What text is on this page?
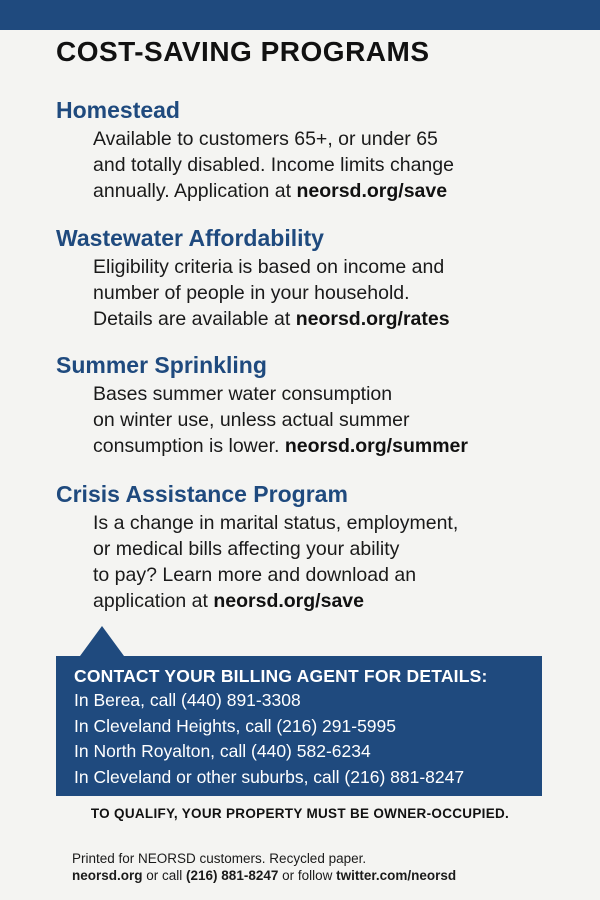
COST-SAVING PROGRAMS
Homestead

Available to customers 65+, or under 65
and totally disabled. Income limits change
annually. Application at neorsd.org/save

Wastewater Affordability

Eligibility criteria is based on income and
number of people in your household.
Details are available at neorsd.org/rates

Summer Sprinkling

Bases summer water consumption
on winter use, unless actual summer
consumption is lower. neorsd.org/summer

Crisis Assistance Program

Is a change in marital status, employment,
or medical bills affecting your ability
to pay? Learn more and download an
application at neorsd.org/save

CONTACT YOUR BILLING AGENT FOR DETAILS:
In Berea, call (440) 891-3308
In Cleveland Heights, call (216) 291-5995
In North Royalton, call (440) 582-6234
In Cleveland or other suburbs, call (216) 881-8247
TO QUALIFY, YOUR PROPERTY MUST BE OWNER-OCCUPIED.
Printed for NEORSD customers. Recycled paper.
neorsd.org or call (216) 881-8247 or follow twitter.com/neorsd
